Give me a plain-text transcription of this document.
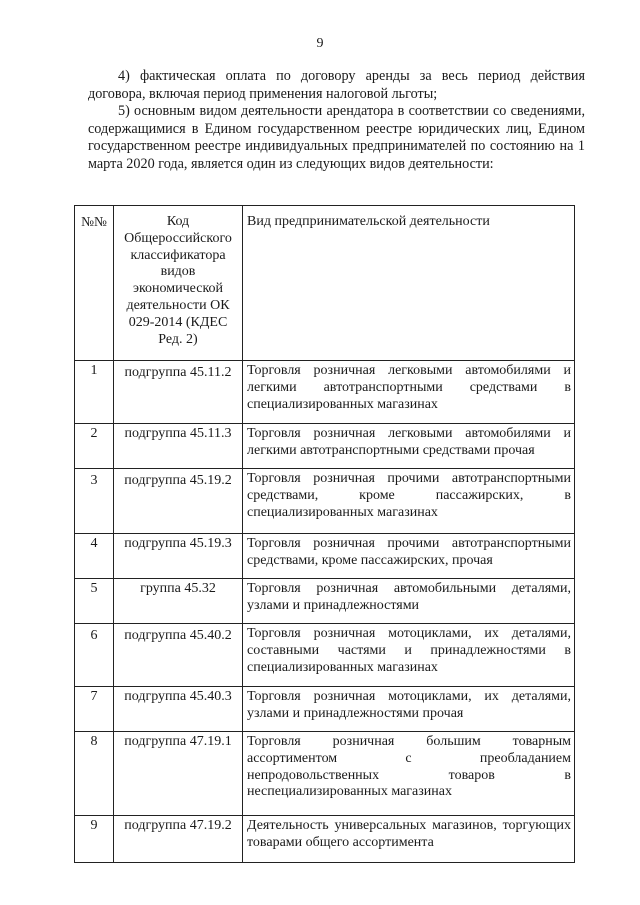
9
4) фактическая оплата по договору аренды за весь период действия договора, включая период применения налоговой льготы;
5) основным видом деятельности арендатора в соответствии со сведениями, содержащимися в Едином государственном реестре юридических лиц, Едином государственном реестре индивидуальных предпринимателей по состоянию на 1 марта 2020 года, является один из следующих видов деятельности:
№№	Код Общероссийского классификатора видов экономической деятельности ОК 029-2014 (КДЕС Ред. 2)	Вид предпринимательской деятельности
1	подгруппа 45.11.2	Торговля розничная легковыми автомобилями и легкими автотранспортными средствами в специализированных магазинах
2	подгруппа 45.11.3	Торговля розничная легковыми автомобилями и легкими автотранспортными средствами прочая
3	подгруппа 45.19.2	Торговля розничная прочими автотранспортными средствами, кроме пассажирских, в специализированных магазинах
4	подгруппа 45.19.3	Торговля розничная прочими автотранспортными средствами, кроме пассажирских, прочая
5	группа 45.32	Торговля розничная автомобильными деталями, узлами и принадлежностями
6	подгруппа 45.40.2	Торговля розничная мотоциклами, их деталями, составными частями и принадлежностями в специализированных магазинах
7	подгруппа 45.40.3	Торговля розничная мотоциклами, их деталями, узлами и принадлежностями прочая
8	подгруппа 47.19.1	Торговля розничная большим товарным ассортиментом с преобладанием непродовольственных товаров в неспециализированных магазинах
9	подгруппа 47.19.2	Деятельность универсальных магазинов, торгующих товарами общего ассортимента
